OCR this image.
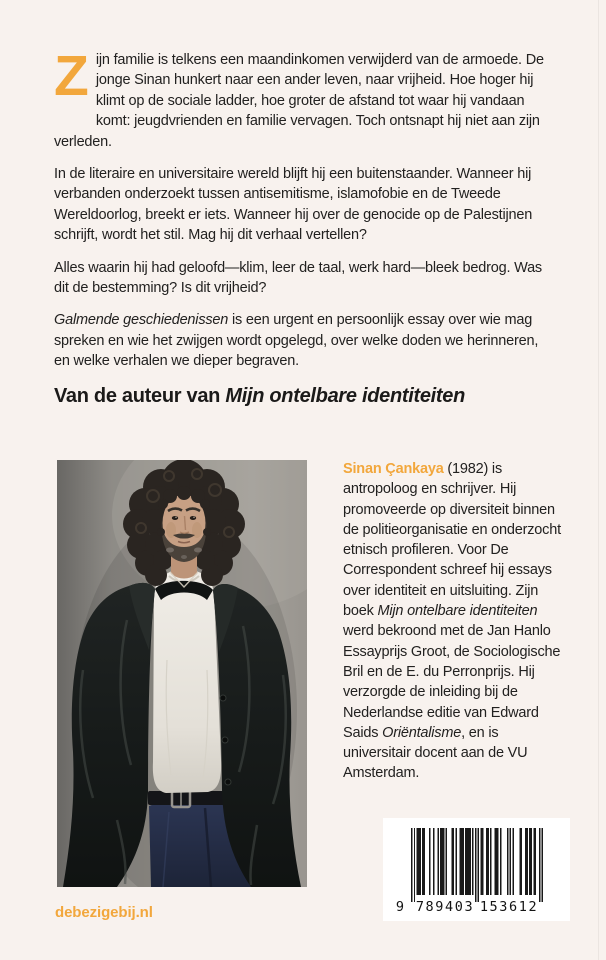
Zijn familie is telkens een maandinkomen verwijderd van de armoede. De jonge Sinan hunkert naar een ander leven, naar vrijheid. Hoe hoger hij klimt op de sociale ladder, hoe groter de afstand tot waar hij vandaan komt: jeugdvrienden en familie vervagen. Toch ontsnapt hij niet aan zijn verleden.

In de literaire en universitaire wereld blijft hij een buitenstaander. Wanneer hij verbanden onderzoekt tussen antisemitisme, islamofobie en de Tweede Wereldoorlog, breekt er iets. Wanneer hij over de genocide op de Palestijnen schrijft, wordt het stil. Mag hij dit verhaal vertellen?

Alles waarin hij had geloofd—klim, leer de taal, werk hard—bleek bedrog. Was dit de bestemming? Is dit vrijheid?

Galmende geschiedenissen is een urgent en persoonlijk essay over wie mag spreken en wie het zwijgen wordt opgelegd, over welke doden we herinneren, en welke verhalen we dieper begraven.

Van de auteur van Mijn ontelbare identiteiten
Sinan Çankaya (1982) is antropoloog en schrijver. Hij promoveerde op diversiteit binnen de politieorganisatie en onderzocht etnisch profileren. Voor De Correspondent schreef hij essays over identiteit en uitsluiting. Zijn boek Mijn ontelbare identiteiten werd bekroond met de Jan Hanlo Essayprijs Groot, de Sociologische Bril en de E. du Perronprijs. Hij verzorgde de inleiding bij de Nederlandse editie van Edward Saids Oriëntalisme, en is universitair docent aan de VU Amsterdam.
debezigebij.nl	9 789403 153612
